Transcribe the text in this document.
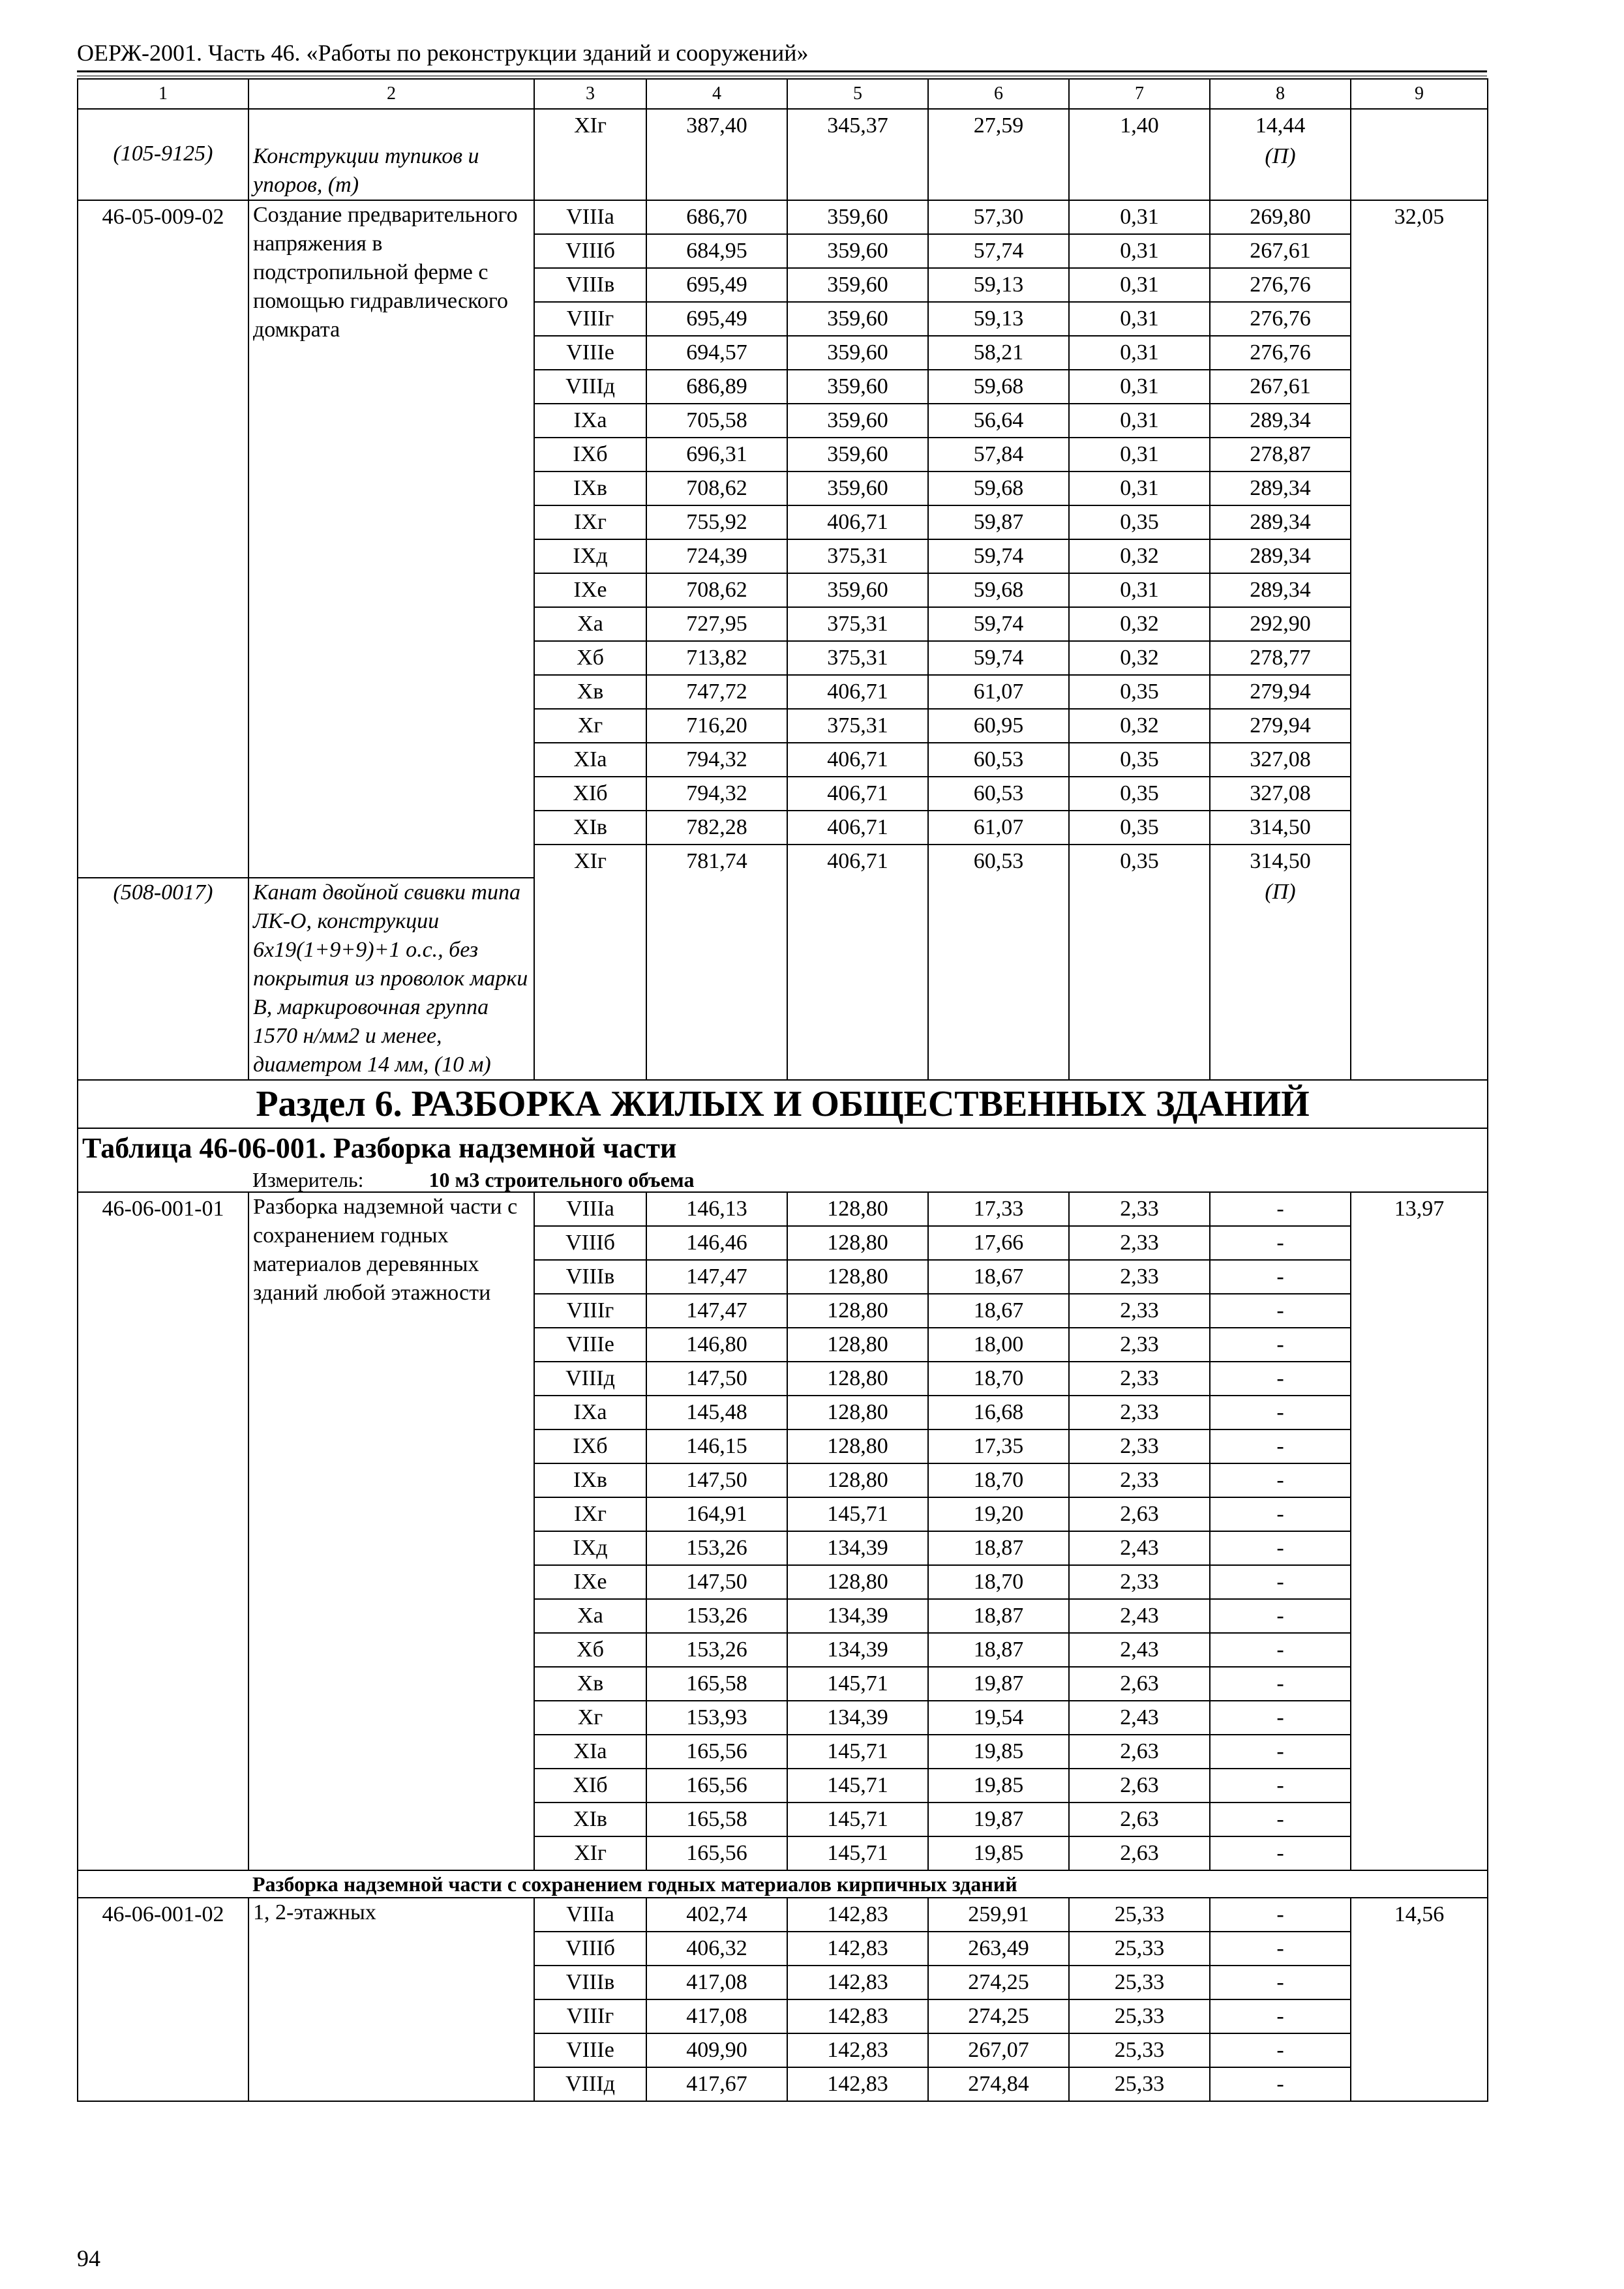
ОЕРЖ-2001. Часть 46. «Работы по реконструкции зданий и сооружений»
1	2	3	4	5	6	7	8	9
(105-9125)	Конструкции тупиков и упоров, (т)	XIг	387,40	345,37	27,59	1,40	14,44	
							(П)	
46-05-009-02	Создание предварительного напряжения в подстропильной ферме с помощью гидравлического домкрата	VIIIа	686,70	359,60	57,30	0,31	269,80	32,05
		VIIIб	684,95	359,60	57,74	0,31	267,61	
		VIIIв	695,49	359,60	59,13	0,31	276,76	
		VIIIг	695,49	359,60	59,13	0,31	276,76	
		VIIIе	694,57	359,60	58,21	0,31	276,76	
		VIIIд	686,89	359,60	59,68	0,31	267,61	
		IXа	705,58	359,60	56,64	0,31	289,34	
		IXб	696,31	359,60	57,84	0,31	278,87	
		IXв	708,62	359,60	59,68	0,31	289,34	
		IXг	755,92	406,71	59,87	0,35	289,34	
		IXд	724,39	375,31	59,74	0,32	289,34	
		IXе	708,62	359,60	59,68	0,31	289,34	
		Xа	727,95	375,31	59,74	0,32	292,90	
		Xб	713,82	375,31	59,74	0,32	278,77	
		Xв	747,72	406,71	61,07	0,35	279,94	
		Xг	716,20	375,31	60,95	0,32	279,94	
		XIа	794,32	406,71	60,53	0,35	327,08	
		XIб	794,32	406,71	60,53	0,35	327,08	
		XIв	782,28	406,71	61,07	0,35	314,50	
		XIг	781,74	406,71	60,53	0,35	314,50	
(508-0017)	Канат двойной свивки типа ЛК-О, конструкции 6х19(1+9+9)+1 о.с., без покрытия из проволок марки В, маркировочная группа 1570 н/мм2 и менее, диаметром 14 мм, (10 м)						(П)	
Раздел 6. РАЗБОРКА ЖИЛЫХ И ОБЩЕСТВЕННЫХ ЗДАНИЙ								
Таблица 46-06-001. Разборка надземной части								
	Измеритель: 10 м3 строительного объема							
46-06-001-01	Разборка надземной части с сохранением годных материалов деревянных зданий любой этажности	VIIIа	146,13	128,80	17,33	2,33	-	13,97
		VIIIб	146,46	128,80	17,66	2,33	-	
		VIIIв	147,47	128,80	18,67	2,33	-	
		VIIIг	147,47	128,80	18,67	2,33	-	
		VIIIе	146,80	128,80	18,00	2,33	-	
		VIIIд	147,50	128,80	18,70	2,33	-	
		IXа	145,48	128,80	16,68	2,33	-	
		IXб	146,15	128,80	17,35	2,33	-	
		IXв	147,50	128,80	18,70	2,33	-	
		IXг	164,91	145,71	19,20	2,63	-	
		IXд	153,26	134,39	18,87	2,43	-	
		IXе	147,50	128,80	18,70	2,33	-	
		Xа	153,26	134,39	18,87	2,43	-	
		Xб	153,26	134,39	18,87	2,43	-	
		Xв	165,58	145,71	19,87	2,63	-	
		Xг	153,93	134,39	19,54	2,43	-	
		XIа	165,56	145,71	19,85	2,63	-	
		XIб	165,56	145,71	19,85	2,63	-	
		XIв	165,58	145,71	19,87	2,63	-	
		XIг	165,56	145,71	19,85	2,63	-	
	Разборка надземной части с сохранением годных материалов кирпичных зданий							
46-06-001-02	1, 2-этажных	VIIIа	402,74	142,83	259,91	25,33	-	14,56
		VIIIб	406,32	142,83	263,49	25,33	-	
		VIIIв	417,08	142,83	274,25	25,33	-	
		VIIIг	417,08	142,83	274,25	25,33	-	
		VIIIе	409,90	142,83	267,07	25,33	-	
		VIIIд	417,67	142,83	274,84	25,33	-	
94
